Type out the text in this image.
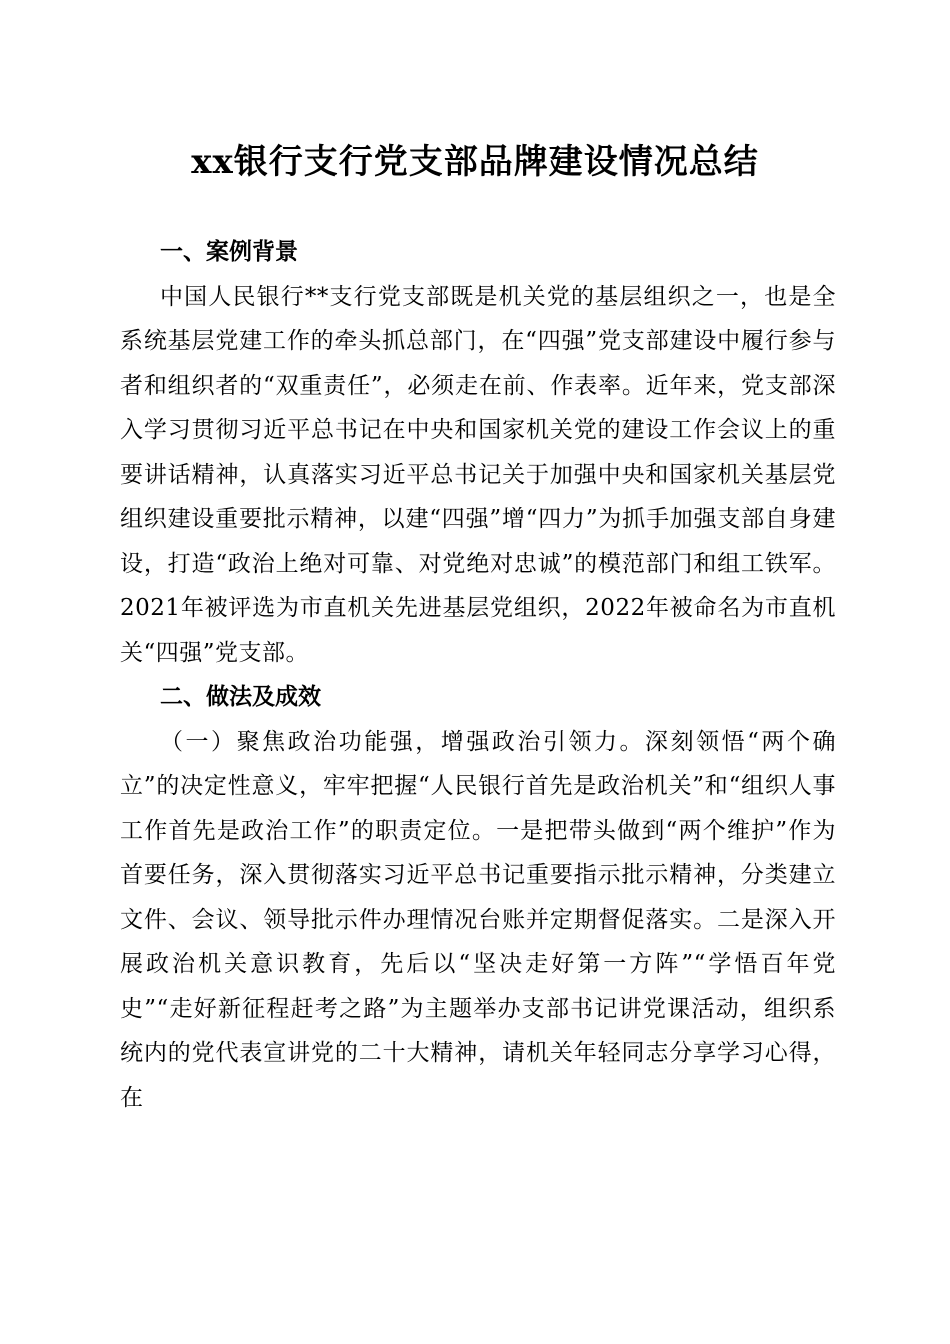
xx银行支行党支部品牌建设情况总结
一、案例背景

中国人民银行**支行党支部既是机关党的基层组织之一，也是全系统基层党建工作的牵头抓总部门，在“四强”党支部建设中履行参与者和组织者的“双重责任”，必须走在前、作表率。近年来，党支部深入学习贯彻习近平总书记在中央和国家机关党的建设工作会议上的重要讲话精神，认真落实习近平总书记关于加强中央和国家机关基层党组织建设重要批示精神，以建“四强”增“四力”为抓手加强支部自身建设，打造“政治上绝对可靠、对党绝对忠诚”的模范部门和组工铁军。2021年被评选为市直机关先进基层党组织，2022年被命名为市直机关“四强”党支部。

二、做法及成效

（一）聚焦政治功能强，增强政治引领力。深刻领悟“两个确立”的决定性意义，牢牢把握“人民银行首先是政治机关”和“组织人事工作首先是政治工作”的职责定位。一是把带头做到“两个维护”作为首要任务，深入贯彻落实习近平总书记重要指示批示精神，分类建立文件、会议、领导批示件办理情况台账并定期督促落实。二是深入开展政治机关意识教育，先后以“坚决走好第一方阵”“学悟百年党史”“走好新征程赶考之路”为主题举办支部书记讲党课活动，组织系统内的党代表宣讲党的二十大精神，请机关年轻同志分享学习心得，在
